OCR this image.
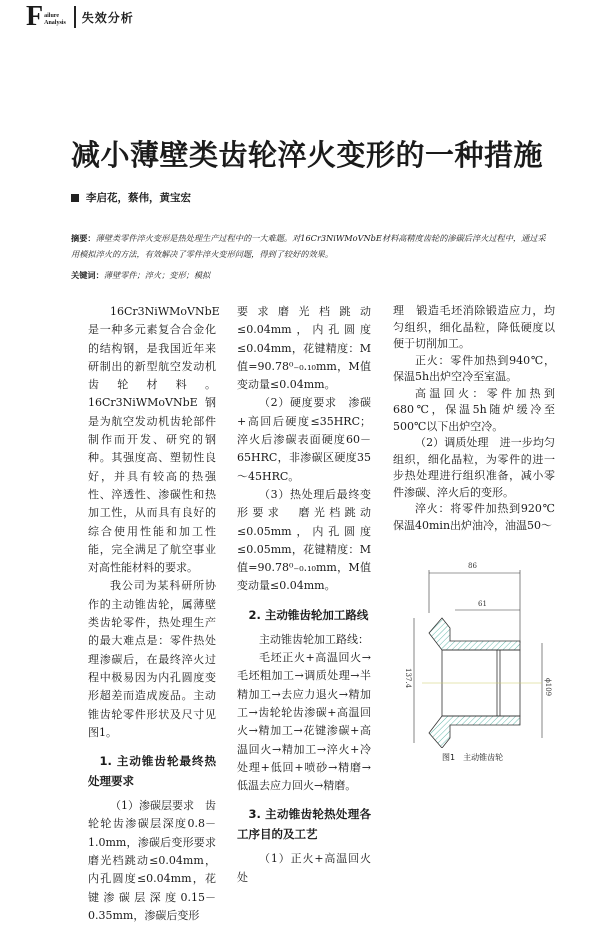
F ailure
Analysis 失效分析
减小薄壁类齿轮淬火变形的一种措施
李启花，蔡伟，黄宝宏
摘要：薄壁类零件淬火变形是热处理生产过程中的一大难题。对16Cr3NiWMoVNbE材料高精度齿轮的渗碳后淬火过程中，通过采用模拟淬火的方法，有效解决了零件淬火变形问题，得到了较好的效果。
关键词：薄壁零件；淬火；变形；模拟

16Cr3NiWMoVNbE是一种多元素复合合金化的结构钢，是我国近年来研制出的新型航空发动机齿轮材料。16Cr3NiWMoVNbE钢是为航空发动机齿轮部件制作而开发、研究的钢种。其强度高、塑韧性良好，并具有较高的热强性、淬透性、渗碳性和热加工性，从而具有良好的综合使用性能和加工性能，完全满足了航空事业对高性能材料的要求。

我公司为某科研所协作的主动锥齿轮，属薄壁类齿轮零件，热处理生产的最大难点是：零件热处理渗碳后，在最终淬火过程中极易因为内孔圆度变形超差而造成废品。主动锥齿轮零件形状及尺寸见图1。

1. 主动锥齿轮最终热处理要求

（1）渗碳层要求　齿轮轮齿渗碳层深度0.8－1.0mm，渗碳后变形要求磨光档跳动≤0.04mm，内孔圆度≤0.04mm，花键渗碳层深度0.15－0.35mm，渗碳后变形

要求磨光档跳动≤0.04mm，内孔圆度≤0.04mm，花键精度：M值=90.78⁰₋₀.₁₀mm，M值变动量≤0.04mm。

（2）硬度要求　渗碳+高回后硬度≤35HRC；淬火后渗碳表面硬度60－65HRC，非渗碳区硬度35～45HRC。

（3）热处理后最终变形要求　磨光档跳动≤0.05mm，内孔圆度≤0.05mm，花键精度：M值=90.78⁰₋₀.₁₀mm，M值变动量≤0.04mm。

2. 主动锥齿轮加工路线

主动锥齿轮加工路线：

毛坯正火+高温回火→毛坯粗加工→调质处理→半精加工→去应力退火→精加工→齿轮轮齿渗碳+高温回火→精加工→花键渗碳+高温回火→精加工→淬火+冷处理+低回+喷砂→精磨→低温去应力回火→精磨。

3. 主动锥齿轮热处理各工序目的及工艺

（1）正火+高温回火处

理　锻造毛坯消除锻造应力，均匀组织，细化晶粒，降低硬度以便于切削加工。

正火：零件加热到940℃，保温5h出炉空冷至室温。

高温回火：零件加热到680℃，保温5h随炉缓冷至500℃以下出炉空冷。

（2）调质处理　进一步均匀组织，细化晶粒，为零件的进一步热处理进行组织准备，减小零件渗碳、淬火后的变形。

淬火：将零件加热到920℃保温40min出炉油冷，油温50～

86
61
137.4	ϕ109
图1　主动锥齿轮
